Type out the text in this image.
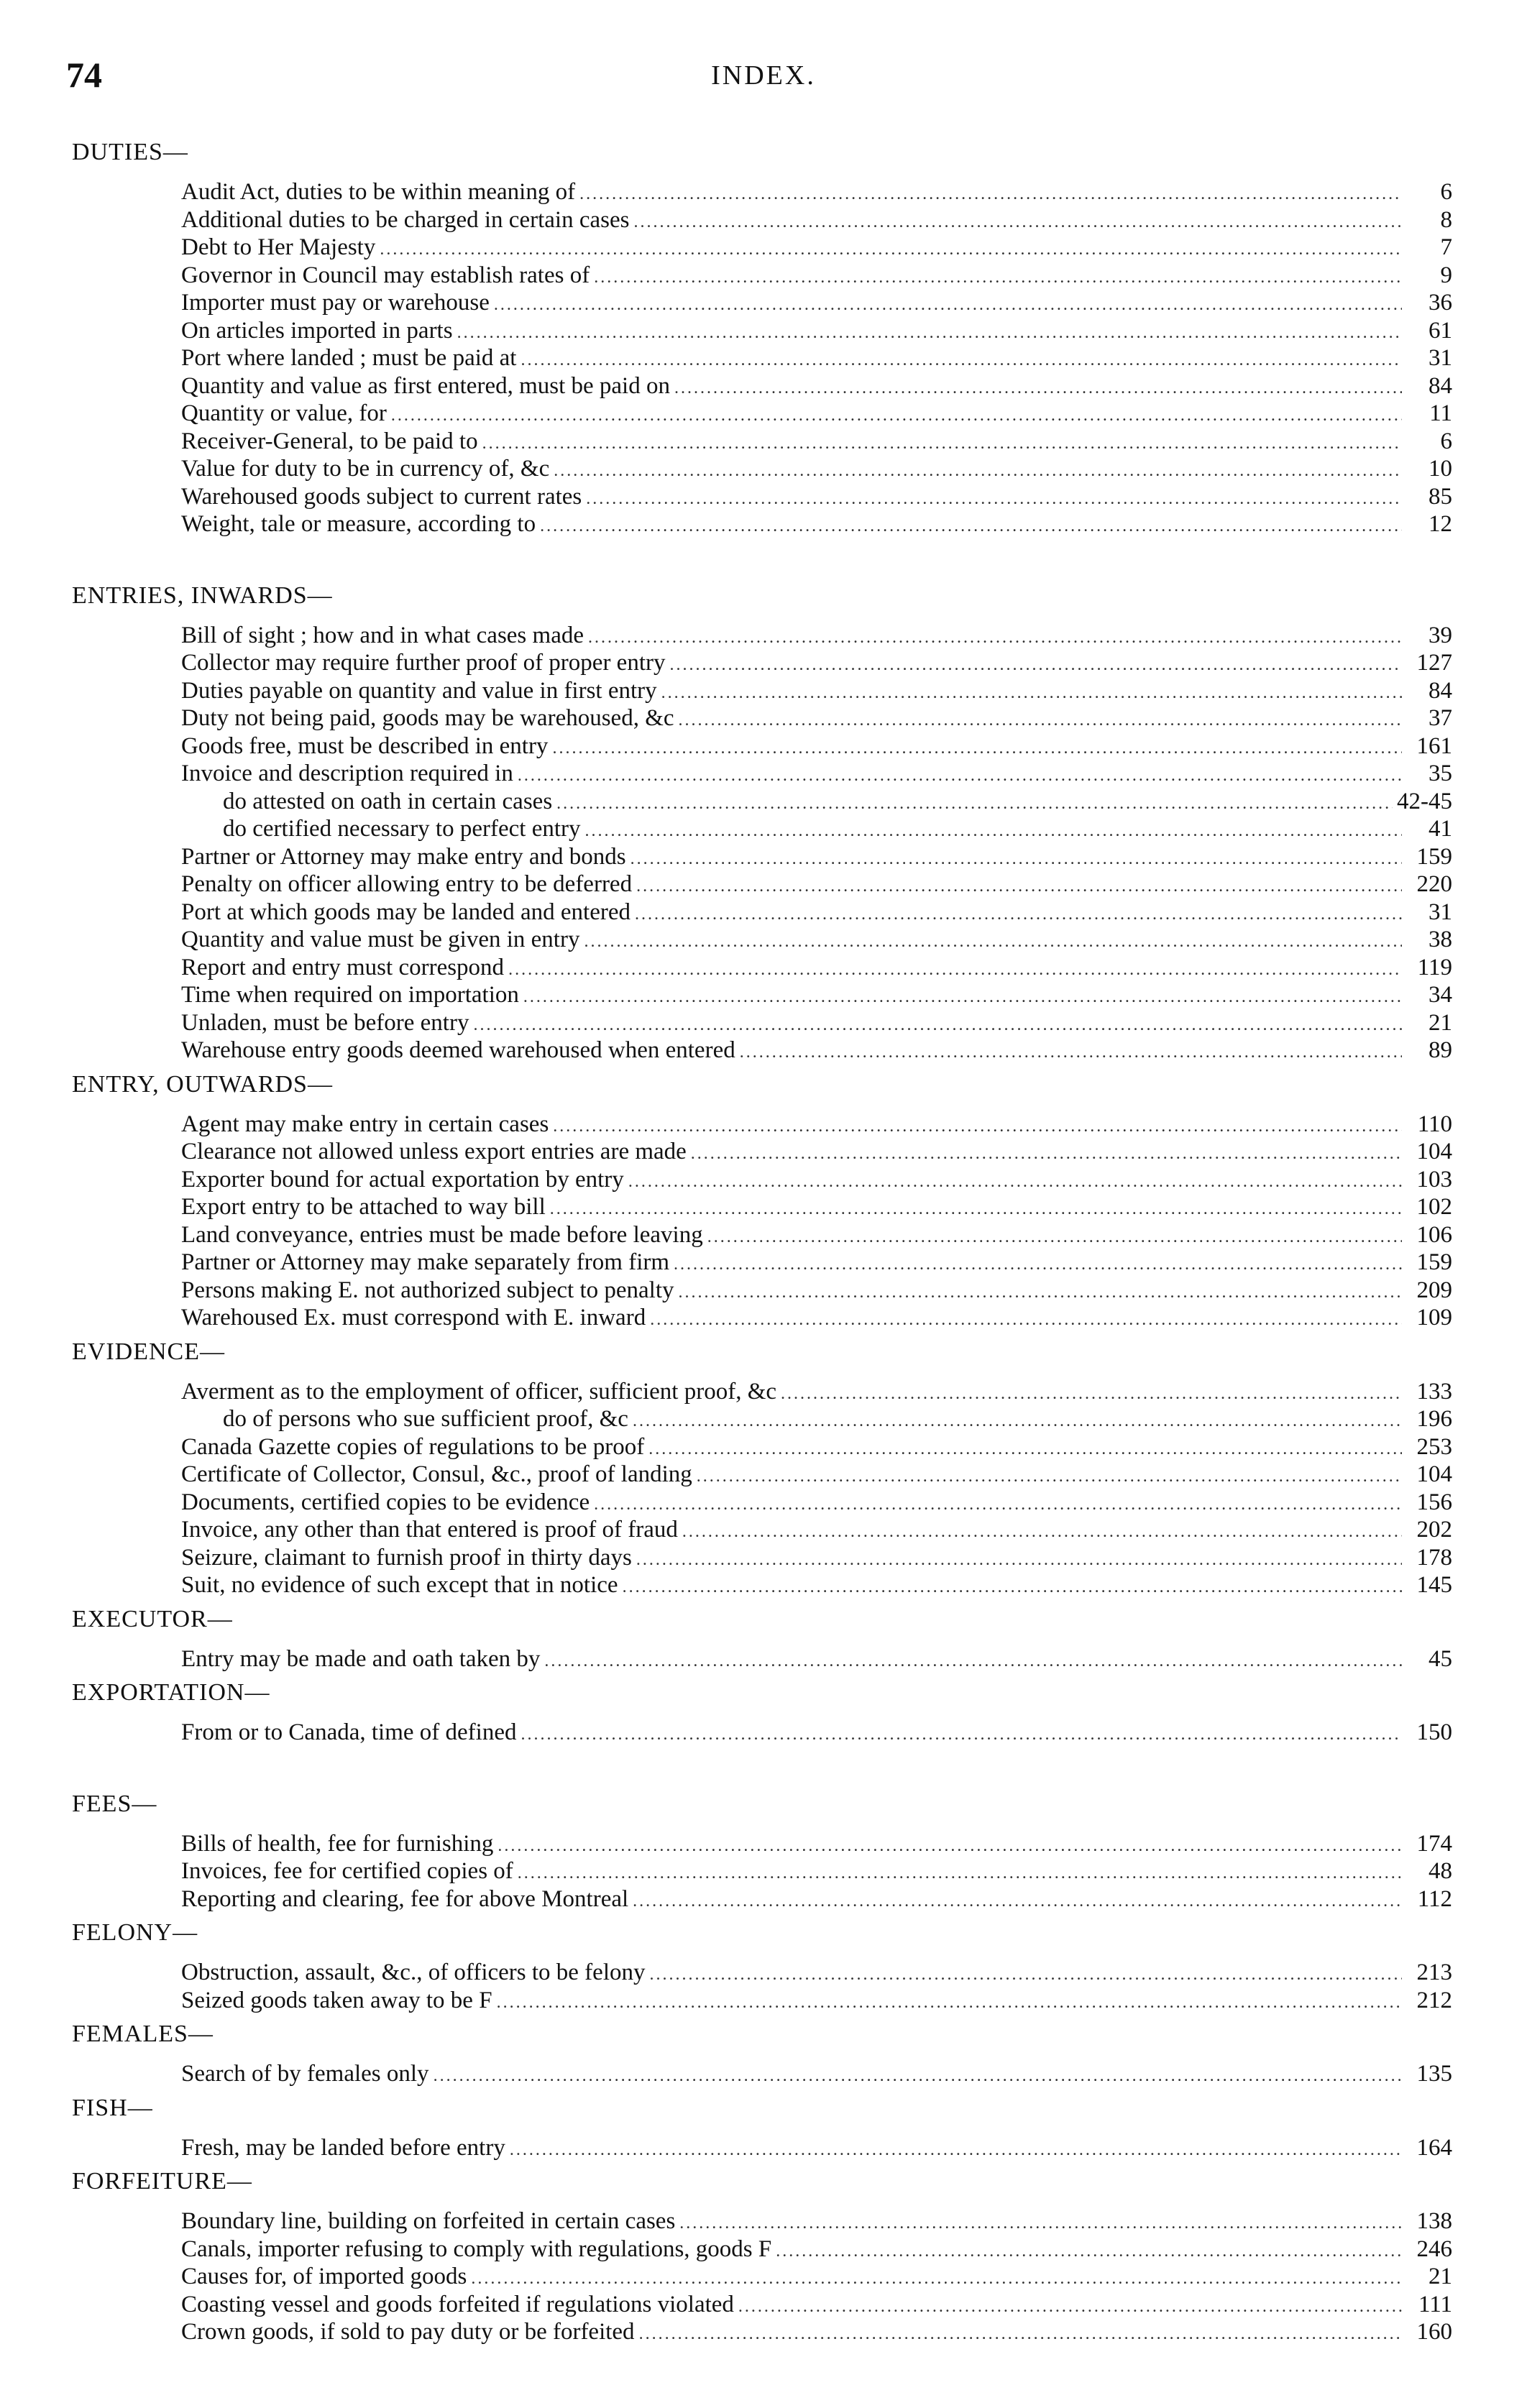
74	INDEX.
DUTIES—
Audit Act, duties to be within meaning of .....	6
Additional duties to be charged in certain cases .....	8
Debt to Her Majesty .....	7
Governor in Council may establish rates of .....	9
Importer must pay or warehouse .....	36
On articles imported in parts .....	61
Port where landed ; must be paid at .....	31
Quantity and value as first entered, must be paid on .....	84
Quantity or value, for .....	11
Receiver-General, to be paid to .....	6
Value for duty to be in currency of, &c .....	10
Warehoused goods subject to current rates .....	85
Weight, tale or measure, according to .....	12
ENTRIES, INWARDS—
Bill of sight ; how and in what cases made .....	39
Collector may require further proof of proper entry .....	127
Duties payable on quantity and value in first entry .....	84
Duty not being paid, goods may be warehoused, &c .....	37
Goods free, must be described in entry .....	161
Invoice and description required in .....	35
do attested on oath in certain cases .....	42-45
do certified necessary to perfect entry .....	41
Partner or Attorney may make entry and bonds .....	159
Penalty on officer allowing entry to be deferred .....	220
Port at which goods may be landed and entered .....	31
Quantity and value must be given in entry .....	38
Report and entry must correspond .....	119
Time when required on importation .....	34
Unladen, must be before entry .....	21
Warehouse entry goods deemed warehoused when entered .....	89
ENTRY, OUTWARDS—
Agent may make entry in certain cases .....	110
Clearance not allowed unless export entries are made .....	104
Exporter bound for actual exportation by entry .....	103
Export entry to be attached to way bill .....	102
Land conveyance, entries must be made before leaving .....	106
Partner or Attorney may make separately from firm .....	159
Persons making E. not authorized subject to penalty .....	209
Warehoused Ex. must correspond with E. inward .....	109
EVIDENCE—
Averment as to the employment of officer, sufficient proof, &c .....	133
do of persons who sue sufficient proof, &c .....	196
Canada Gazette copies of regulations to be proof .....	253
Certificate of Collector, Consul, &c., proof of landing .....	104
Documents, certified copies to be evidence .....	156
Invoice, any other than that entered is proof of fraud .....	202
Seizure, claimant to furnish proof in thirty days .....	178
Suit, no evidence of such except that in notice .....	145
EXECUTOR—
Entry may be made and oath taken by .....	45
EXPORTATION—
From or to Canada, time of defined .....	150
FEES—
Bills of health, fee for furnishing .....	174
Invoices, fee for certified copies of .....	48
Reporting and clearing, fee for above Montreal .....	112
FELONY—
Obstruction, assault, &c., of officers to be felony .....	213
Seized goods taken away to be F .....	212
FEMALES—
Search of by females only .....	135
FISH—
Fresh, may be landed before entry .....	164
FORFEITURE—
Boundary line, building on forfeited in certain cases .....	138
Canals, importer refusing to comply with regulations, goods F .....	246
Causes for, of imported goods .....	21
Coasting vessel and goods forfeited if regulations violated .....	111
Crown goods, if sold to pay duty or be forfeited .....	160
